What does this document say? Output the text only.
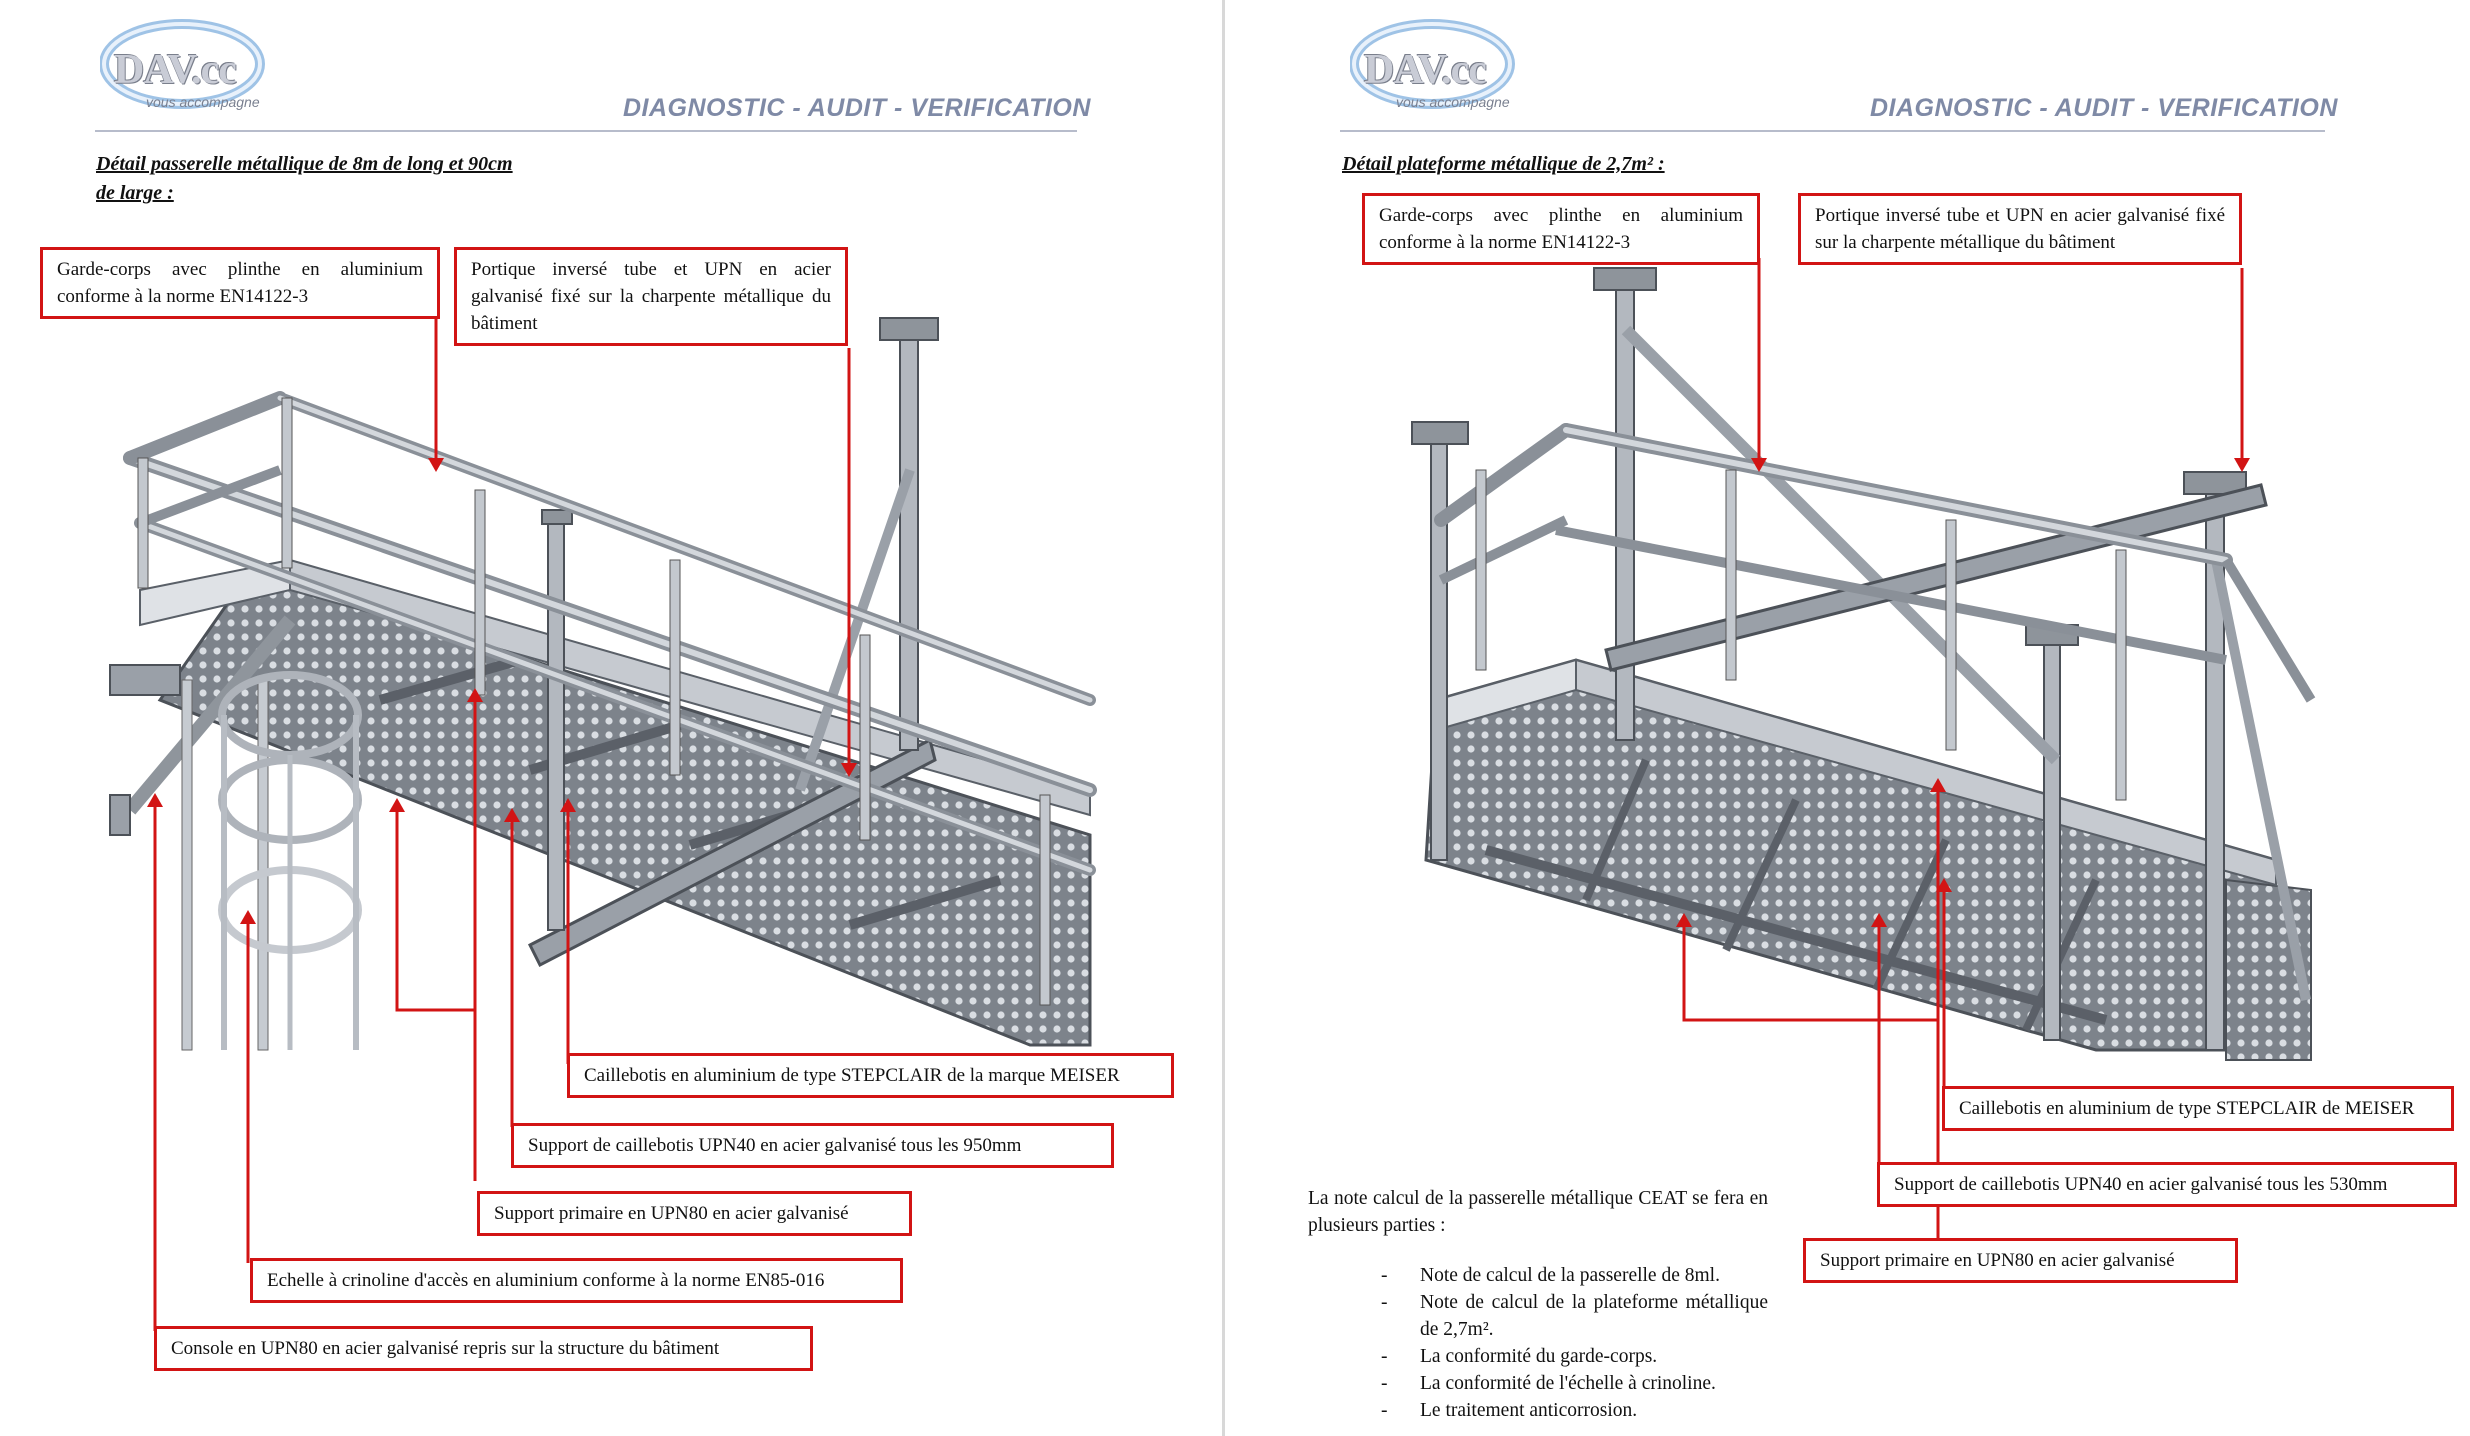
DAV.cc
vous accompagne	DIAGNOSTIC - AUDIT - VERIFICATION
Détail passerelle métallique de 8m de long et 90cm
de large :
Garde-corps avec plinthe en aluminium conforme à la norme EN14122-3
Portique inversé tube et UPN en acier galvanisé fixé sur la charpente métallique du bâtiment
Caillebotis en aluminium de type STEPCLAIR de la marque MEISER
Support de caillebotis UPN40 en acier galvanisé tous les 950mm
Support primaire en UPN80 en acier galvanisé
Echelle à crinoline d'accès en aluminium conforme à la norme EN85-016
Console en UPN80 en acier galvanisé repris sur la structure du bâtiment
DAV.cc
vous accompagne	DIAGNOSTIC - AUDIT - VERIFICATION
Détail plateforme métallique de 2,7m² :
Garde-corps avec plinthe en aluminium conforme à la norme EN14122-3
Portique inversé tube et UPN en acier galvanisé fixé sur la charpente métallique du bâtiment
Caillebotis en aluminium de type STEPCLAIR de MEISER
Support de caillebotis UPN40 en acier galvanisé tous les 530mm
Support primaire en UPN80 en acier galvanisé
La note calcul de la passerelle métallique CEAT se fera en plusieurs parties :
- Note de calcul de la passerelle de 8ml.
- Note de calcul de la plateforme métallique de 2,7m².
- La conformité du garde-corps.
- La conformité de l'échelle à crinoline.
- Le traitement anticorrosion.
